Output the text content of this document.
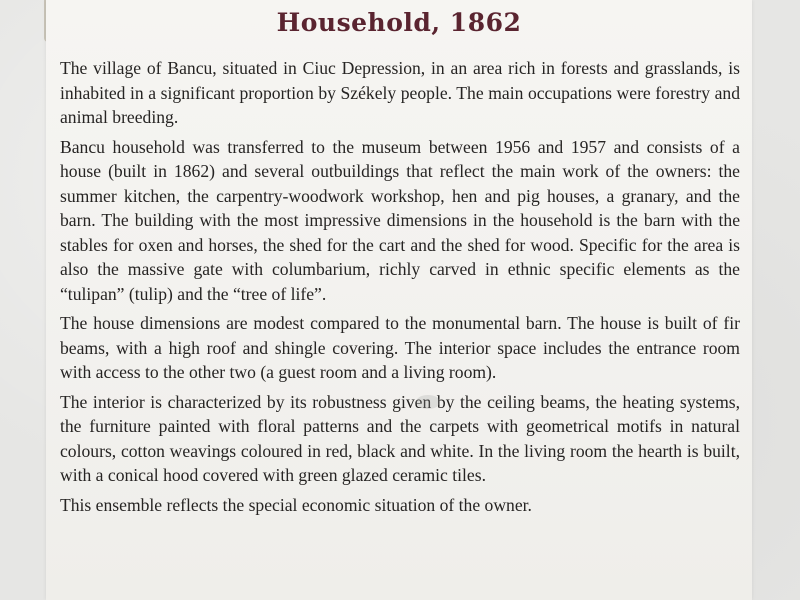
Household, 1862

The village of Bancu, situated in Ciuc Depression, in an area rich in forests and grasslands, is inhabited in a significant proportion by Székely people. The main occupations were forestry and animal breeding.

Bancu household was transferred to the museum between 1956 and 1957 and consists of a house (built in 1862) and several outbuildings that reflect the main work of the owners: the summer kitchen, the carpentry-woodwork workshop, hen and pig houses, a granary, and the barn. The building with the most impressive dimensions in the household is the barn with the stables for oxen and horses, the shed for the cart and the shed for wood. Specific for the area is also the massive gate with columbarium, richly carved in ethnic specific elements as the “tulipan” (tulip) and the “tree of life”.

The house dimensions are modest compared to the monumental barn. The house is built of fir beams, with a high roof and shingle covering. The interior space includes the entrance room with access to the other two (a guest room and a living room).

The interior is characterized by its robustness given by the ceiling beams, the heating systems, the furniture painted with floral patterns and the carpets with geometrical motifs in natural colours, cotton weavings coloured in red, black and white. In the living room the hearth is built, with a conical hood covered with green glazed ceramic tiles.

This ensemble reflects the special economic situation of the owner.
